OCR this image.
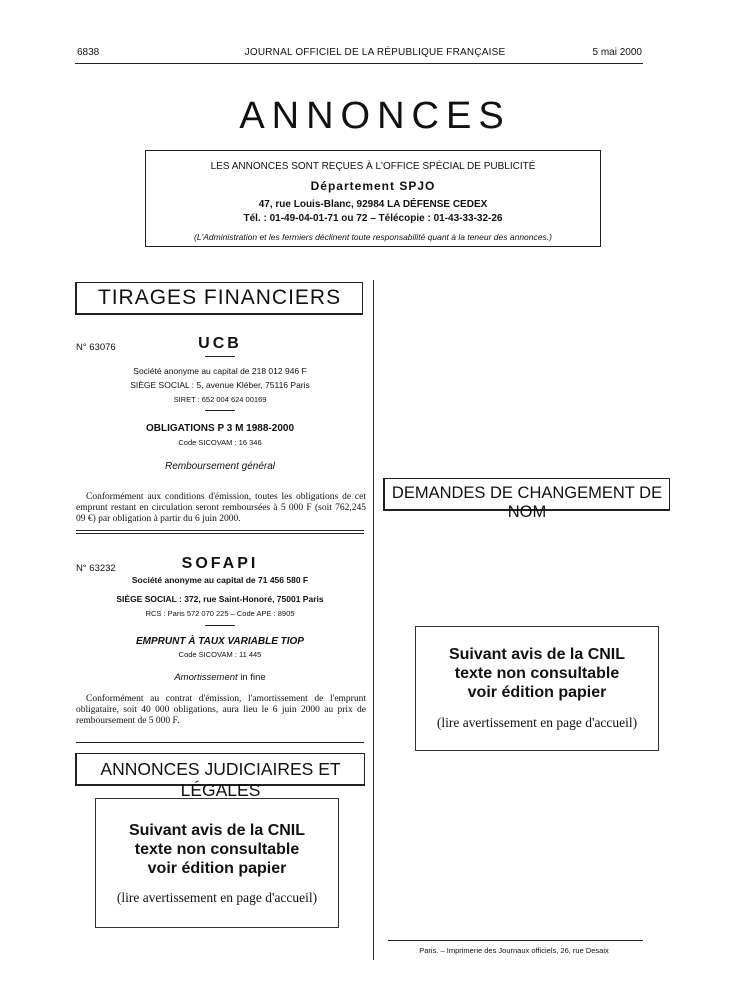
6838	JOURNAL OFFICIEL DE LA RÉPUBLIQUE FRANÇAISE	5 mai 2000
ANNONCES
LES ANNONCES SONT REÇUES À L'OFFICE SPÉCIAL DE PUBLICITÉ
Département SPJO
47, rue Louis-Blanc, 92984 LA DÉFENSE CEDEX
Tél. : 01-49-04-01-71 ou 72 – Télécopie : 01-43-33-32-26
(L'Administration et les fermiers déclinent toute responsabilité quant à la teneur des annonces.)
TIRAGES FINANCIERS
N° 63076	UCB
Société anonyme au capital de 218 012 946 F
SIÈGE SOCIAL : 5, avenue Kléber, 75116 Paris
SIRET : 652 004 624 00169
OBLIGATIONS P 3 M 1988-2000
Code SICOVAM : 16 346
Remboursement général
Conformément aux conditions d'émission, toutes les obligations de cet emprunt restant en circulation seront remboursées à 5 000 F (soit 762,245 09 €) par obligation à partir du 6 juin 2000.
N° 63232	SOFAPI
Société anonyme au capital de 71 456 580 F
SIÈGE SOCIAL : 372, rue Saint-Honoré, 75001 Paris
RCS : Paris 572 070 225 – Code APE : 8905
EMPRUNT À TAUX VARIABLE TIOP
Code SICOVAM : 11 445
Amortissement in fine
Conformément au contrat d'émission, l'amortissement de l'emprunt obligataire, soit 40 000 obligations, aura lieu le 6 juin 2000 au prix de remboursement de 5 000 F.
ANNONCES JUDICIAIRES ET LÉGALES
Suivant avis de la CNIL
texte non consultable
voir édition papier
(lire avertissement en page d'accueil)
DEMANDES DE CHANGEMENT DE NOM
Suivant avis de la CNIL
texte non consultable
voir édition papier
(lire avertissement en page d'accueil)
Paris. – Imprimerie des Journaux officiels, 26, rue Desaix
